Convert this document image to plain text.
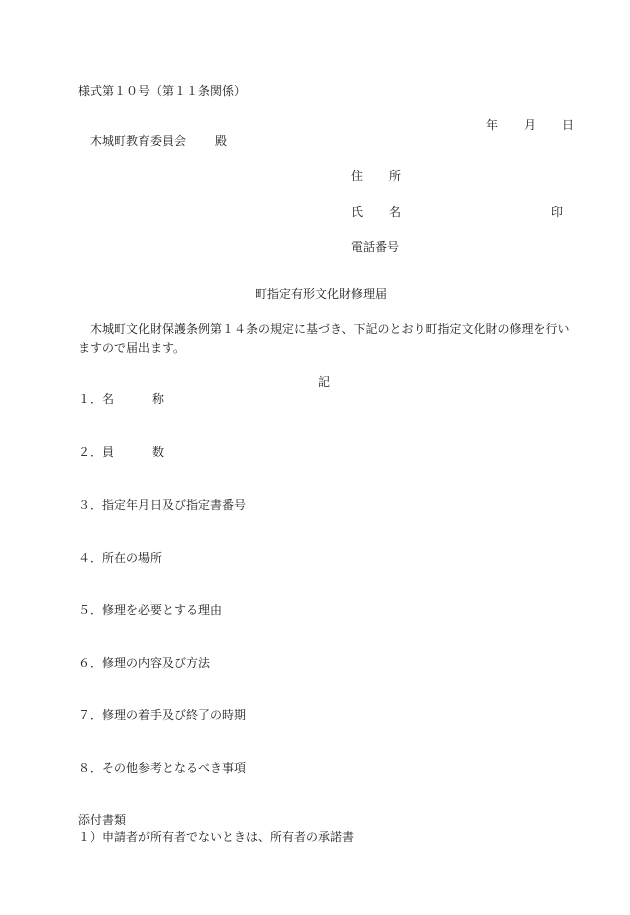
様式第１０号（第１１条関係）
年 月 日
木城町教育委員会 殿
住 所
氏 名	印
電話番号
町指定有形文化財修理届
木城町文化財保護条例第１４条の規定に基づき、下記のとおり町指定文化財の修理を行いますので届出ます。
記
１．名	称
２．員	数
３．指定年月日及び指定書番号
４．所在の場所
５．修理を必要とする理由
６．修理の内容及び方法
７．修理の着手及び終了の時期
８．その他参考となるべき事項
添付書類
１）申請者が所有者でないときは、所有者の承諾書
